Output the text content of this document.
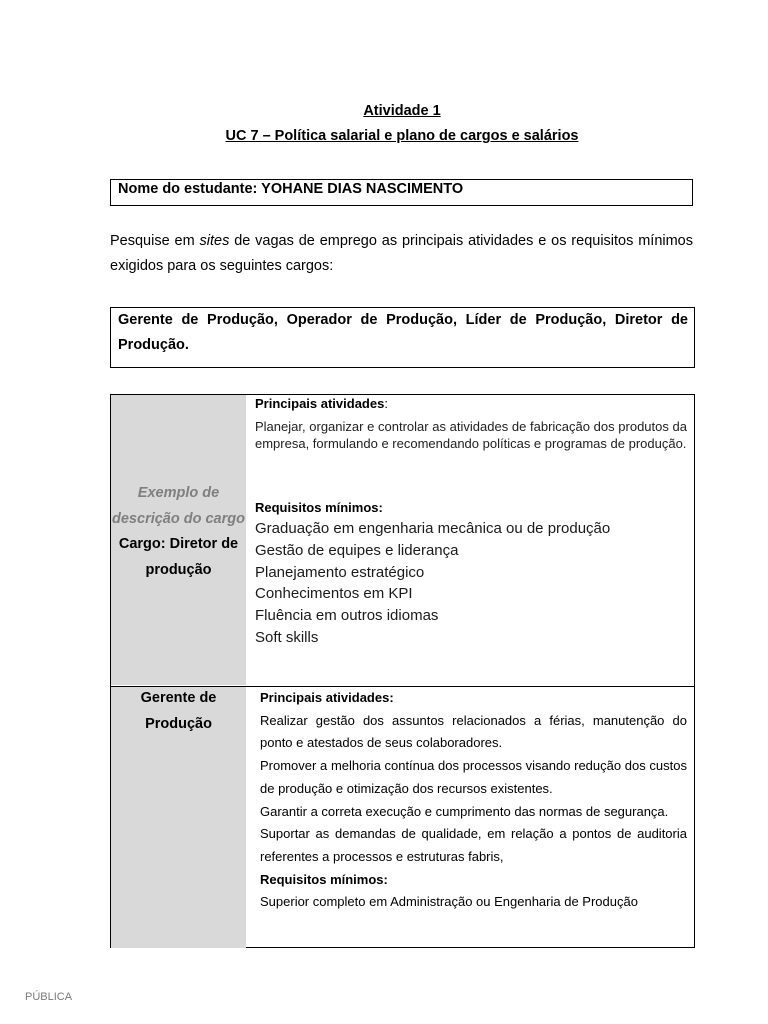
Atividade 1
UC 7 – Política salarial e plano de cargos e salários
Nome do estudante: YOHANE DIAS NASCIMENTO
Pesquise em sites de vagas de emprego as principais atividades e os requisitos mínimos exigidos para os seguintes cargos:
Gerente de Produção, Operador de Produção, Líder de Produção, Diretor de Produção.
Exemplo de descrição do cargo
Cargo: Diretor de produção
Principais atividades:
Planejar, organizar e controlar as atividades de fabricação dos produtos da empresa, formulando e recomendando políticas e programas de produção.
Requisitos mínimos:
Graduação em engenharia mecânica ou de produção
Gestão de equipes e liderança
Planejamento estratégico
Conhecimentos em KPI
Fluência em outros idiomas
Soft skills
Gerente de Produção
Principais atividades:
Realizar gestão dos assuntos relacionados a férias, manutenção do ponto e atestados de seus colaboradores.
Promover a melhoria contínua dos processos visando redução dos custos de produção e otimização dos recursos existentes.
Garantir a correta execução e cumprimento das normas de segurança.
Suportar as demandas de qualidade, em relação a pontos de auditoria referentes a processos e estruturas fabris,
Requisitos mínimos:
Superior completo em Administração ou Engenharia de Produção
PÚBLICA
